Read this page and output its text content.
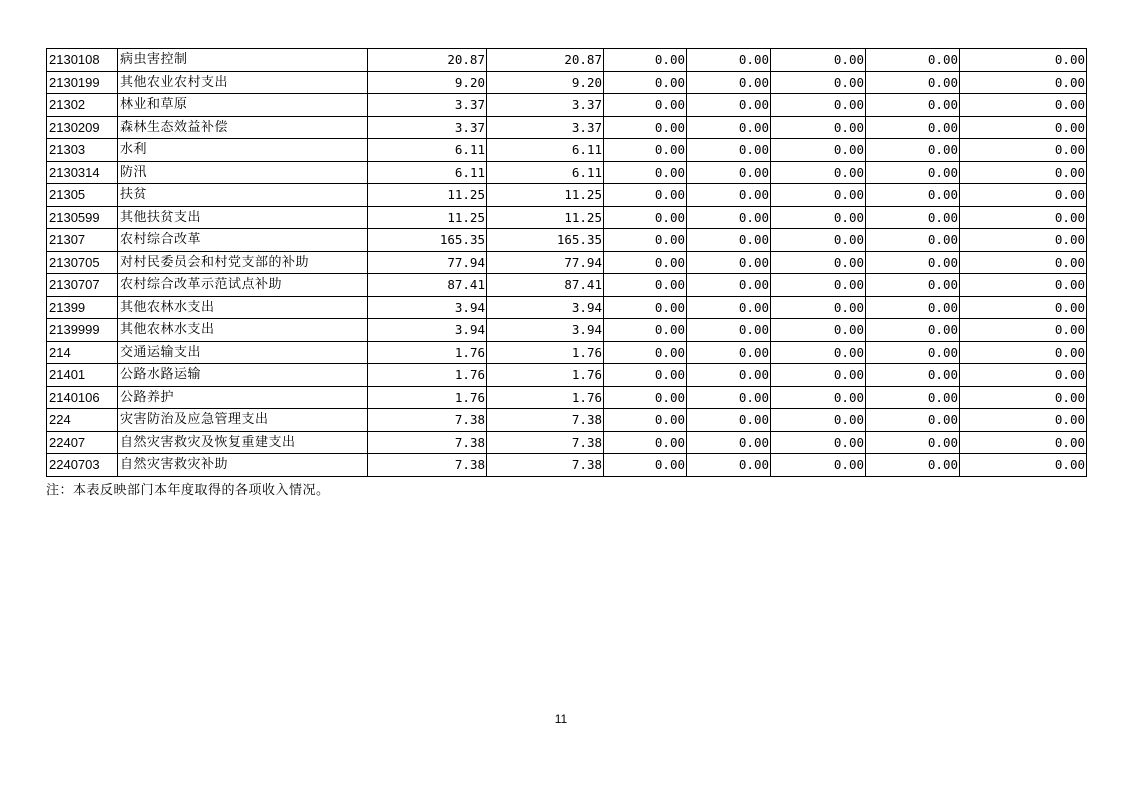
2130108	病虫害控制	20.87	20.87	0.00	0.00	0.00	0.00	0.00
2130199	其他农业农村支出	9.20	9.20	0.00	0.00	0.00	0.00	0.00
21302	林业和草原	3.37	3.37	0.00	0.00	0.00	0.00	0.00
2130209	森林生态效益补偿	3.37	3.37	0.00	0.00	0.00	0.00	0.00
21303	水利	6.11	6.11	0.00	0.00	0.00	0.00	0.00
2130314	防汛	6.11	6.11	0.00	0.00	0.00	0.00	0.00
21305	扶贫	11.25	11.25	0.00	0.00	0.00	0.00	0.00
2130599	其他扶贫支出	11.25	11.25	0.00	0.00	0.00	0.00	0.00
21307	农村综合改革	165.35	165.35	0.00	0.00	0.00	0.00	0.00
2130705	对村民委员会和村党支部的补助	77.94	77.94	0.00	0.00	0.00	0.00	0.00
2130707	农村综合改革示范试点补助	87.41	87.41	0.00	0.00	0.00	0.00	0.00
21399	其他农林水支出	3.94	3.94	0.00	0.00	0.00	0.00	0.00
2139999	其他农林水支出	3.94	3.94	0.00	0.00	0.00	0.00	0.00
214	交通运输支出	1.76	1.76	0.00	0.00	0.00	0.00	0.00
21401	公路水路运输	1.76	1.76	0.00	0.00	0.00	0.00	0.00
2140106	公路养护	1.76	1.76	0.00	0.00	0.00	0.00	0.00
224	灾害防治及应急管理支出	7.38	7.38	0.00	0.00	0.00	0.00	0.00
22407	自然灾害救灾及恢复重建支出	7.38	7.38	0.00	0.00	0.00	0.00	0.00
2240703	自然灾害救灾补助	7.38	7.38	0.00	0.00	0.00	0.00	0.00
注：本表反映部门本年度取得的各项收入情况。
11
